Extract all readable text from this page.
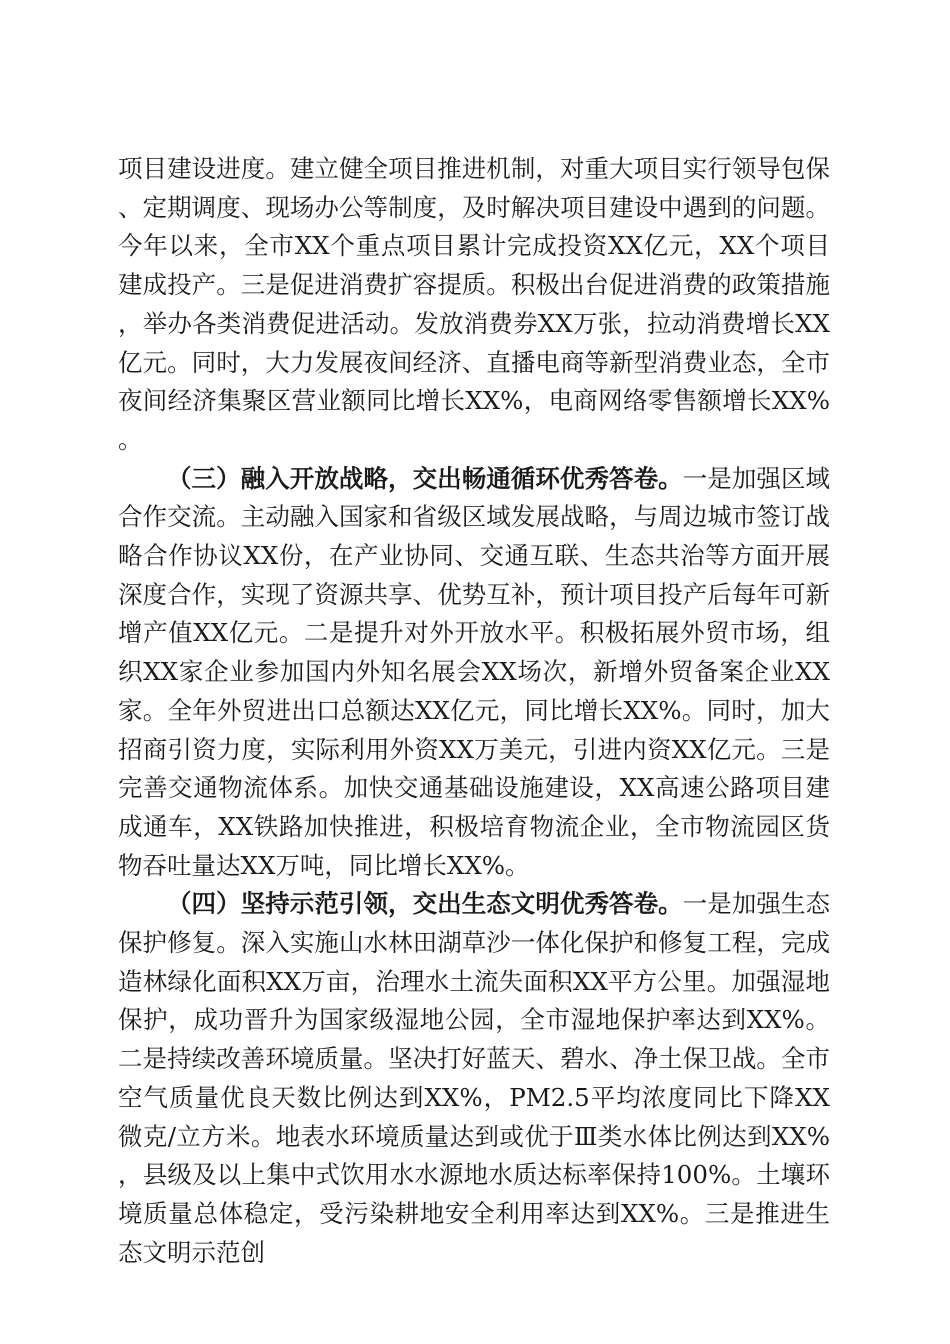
项目建设进度。建立健全项目推进机制，对重大项目实行领导包保、定期调度、现场办公等制度，及时解决项目建设中遇到的问题。今年以来，全市XX个重点项目累计完成投资XX亿元，XX个项目建成投产。三是促进消费扩容提质。积极出台促进消费的政策措施，举办各类消费促进活动。发放消费券XX万张，拉动消费增长XX亿元。同时，大力发展夜间经济、直播电商等新型消费业态，全市夜间经济集聚区营业额同比增长XX%，电商网络零售额增长XX%。

（三）融入开放战略，交出畅通循环优秀答卷。一是加强区域合作交流。主动融入国家和省级区域发展战略，与周边城市签订战略合作协议XX份，在产业协同、交通互联、生态共治等方面开展深度合作，实现了资源共享、优势互补，预计项目投产后每年可新增产值XX亿元。二是提升对外开放水平。积极拓展外贸市场，组织XX家企业参加国内外知名展会XX场次，新增外贸备案企业XX家。全年外贸进出口总额达XX亿元，同比增长XX%。同时，加大招商引资力度，实际利用外资XX万美元，引进内资XX亿元。三是完善交通物流体系。加快交通基础设施建设，XX高速公路项目建成通车，XX铁路加快推进，积极培育物流企业，全市物流园区货物吞吐量达XX万吨，同比增长XX%。

（四）坚持示范引领，交出生态文明优秀答卷。一是加强生态保护修复。深入实施山水林田湖草沙一体化保护和修复工程，完成造林绿化面积XX万亩，治理水土流失面积XX平方公里。加强湿地保护，成功晋升为国家级湿地公园，全市湿地保护率达到XX%。二是持续改善环境质量。坚决打好蓝天、碧水、净土保卫战。全市空气质量优良天数比例达到XX%，PM2.5平均浓度同比下降XX微克/立方米。地表水环境质量达到或优于Ⅲ类水体比例达到XX%，县级及以上集中式饮用水水源地水质达标率保持100%。土壤环境质量总体稳定，受污染耕地安全利用率达到XX%。三是推进生态文明示范创
